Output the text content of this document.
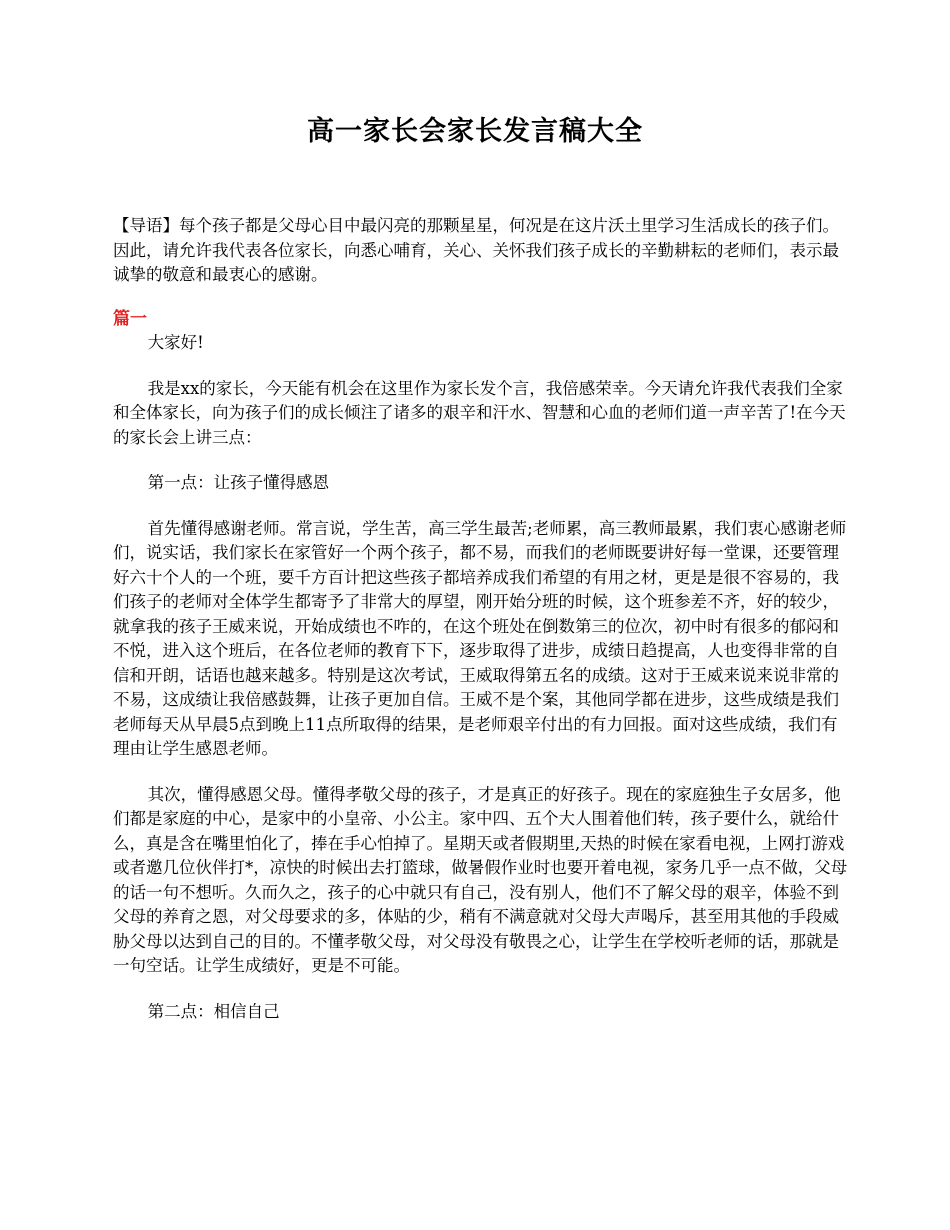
高一家长会家长发言稿大全

【导语】每个孩子都是父母心目中最闪亮的那颗星星，何况是在这片沃土里学习生活成长的孩子们。因此，请允许我代表各位家长，向悉心哺育，关心、关怀我们孩子成长的辛勤耕耘的老师们，表示最诚挚的敬意和最衷心的感谢。

篇一

大家好!

我是xx的家长，今天能有机会在这里作为家长发个言，我倍感荣幸。今天请允许我代表我们全家和全体家长，向为孩子们的成长倾注了诸多的艰辛和汗水、智慧和心血的老师们道一声辛苦了!在今天的家长会上讲三点：

第一点：让孩子懂得感恩

首先懂得感谢老师。常言说，学生苦，高三学生最苦;老师累，高三教师最累，我们衷心感谢老师们，说实话，我们家长在家管好一个两个孩子，都不易，而我们的老师既要讲好每一堂课，还要管理好六十个人的一个班，要千方百计把这些孩子都培养成我们希望的有用之材，更是是很不容易的，我们孩子的老师对全体学生都寄予了非常大的厚望，刚开始分班的时候，这个班参差不齐，好的较少，就拿我的孩子王威来说，开始成绩也不咋的，在这个班处在倒数第三的位次，初中时有很多的郁闷和不悦，进入这个班后，在各位老师的教育下下，逐步取得了进步，成绩日趋提高，人也变得非常的自信和开朗，话语也越来越多。特别是这次考试，王威取得第五名的成绩。这对于王威来说来说非常的不易，这成绩让我倍感鼓舞，让孩子更加自信。王威不是个案，其他同学都在进步，这些成绩是我们老师每天从早晨5点到晚上11点所取得的结果，是老师艰辛付出的有力回报。面对这些成绩，我们有理由让学生感恩老师。

其次，懂得感恩父母。懂得孝敬父母的孩子，才是真正的好孩子。现在的家庭独生子女居多，他们都是家庭的中心，是家中的小皇帝、小公主。家中四、五个大人围着他们转，孩子要什么，就给什么，真是含在嘴里怕化了，捧在手心怕掉了。星期天或者假期里,天热的时候在家看电视，上网打游戏或者邀几位伙伴打*，凉快的时候出去打篮球，做暑假作业时也要开着电视，家务几乎一点不做，父母的话一句不想听。久而久之，孩子的心中就只有自己，没有别人，他们不了解父母的艰辛，体验不到父母的养育之恩，对父母要求的多，体贴的少，稍有不满意就对父母大声喝斥，甚至用其他的手段威胁父母以达到自己的目的。不懂孝敬父母，对父母没有敬畏之心，让学生在学校听老师的话，那就是一句空话。让学生成绩好，更是不可能。

第二点：相信自己
